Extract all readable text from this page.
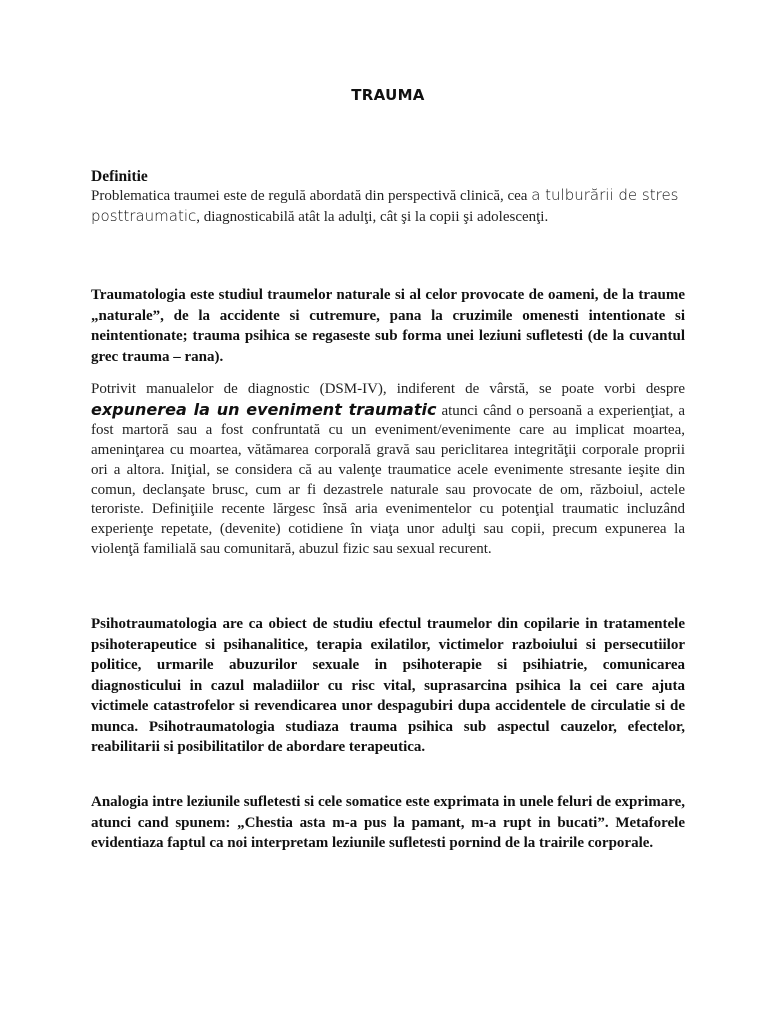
TRAUMA
Definitie

Problematica traumei este de regulă abordată din perspectivă clinică, cea a tulburării de stres posttraumatic, diagnosticabilă atât la adulţi, cât şi la copii şi adolescenţi.

Traumatologia este studiul traumelor naturale si al celor provocate de oameni, de la traume „naturale”, de la accidente si cutremure, pana la cruzimile omenesti intentionate si neintentionate; trauma psihica se regaseste sub forma unei leziuni sufletesti (de la cuvantul grec trauma – rana).

Potrivit manualelor de diagnostic (DSM-IV), indiferent de vârstă, se poate vorbi despre expunerea la un eveniment traumatic atunci când o persoană a experienţiat, a fost martoră sau a fost confruntată cu un eveniment/evenimente care au implicat moartea, ameninţarea cu moartea, vătămarea corporală gravă sau periclitarea integrităţii corporale proprii ori a altora. Iniţial, se considera că au valenţe traumatice acele evenimente stresante ieşite din comun, declanşate brusc, cum ar fi dezastrele naturale sau provocate de om, războiul, actele teroriste. Definiţiile recente lărgesc însă aria evenimentelor cu potenţial traumatic incluzând experienţe repetate, (devenite) cotidiene în viaţa unor adulţi sau copii, precum expunerea la violenţă familială sau comunitară, abuzul fizic sau sexual recurent.

Psihotraumatologia are ca obiect de studiu efectul traumelor din copilarie in tratamentele psihoterapeutice si psihanalitice, terapia exilatilor, victimelor razboiului si persecutiilor politice, urmarile abuzurilor sexuale in psihoterapie si psihiatrie, comunicarea diagnosticului in cazul maladiilor cu risc vital, suprasarcina psihica la cei care ajuta victimele catastrofelor si revendicarea unor despagubiri dupa accidentele de circulatie si de munca. Psihotraumatologia studiaza trauma psihica sub aspectul cauzelor, efectelor, reabilitarii si posibilitatilor de abordare terapeutica.

Analogia intre leziunile sufletesti si cele somatice este exprimata in unele feluri de exprimare, atunci cand spunem: „Chestia asta m-a pus la pamant, m-a rupt in bucati”. Metaforele evidentiaza faptul ca noi interpretam leziunile sufletesti pornind de la trairile corporale.
